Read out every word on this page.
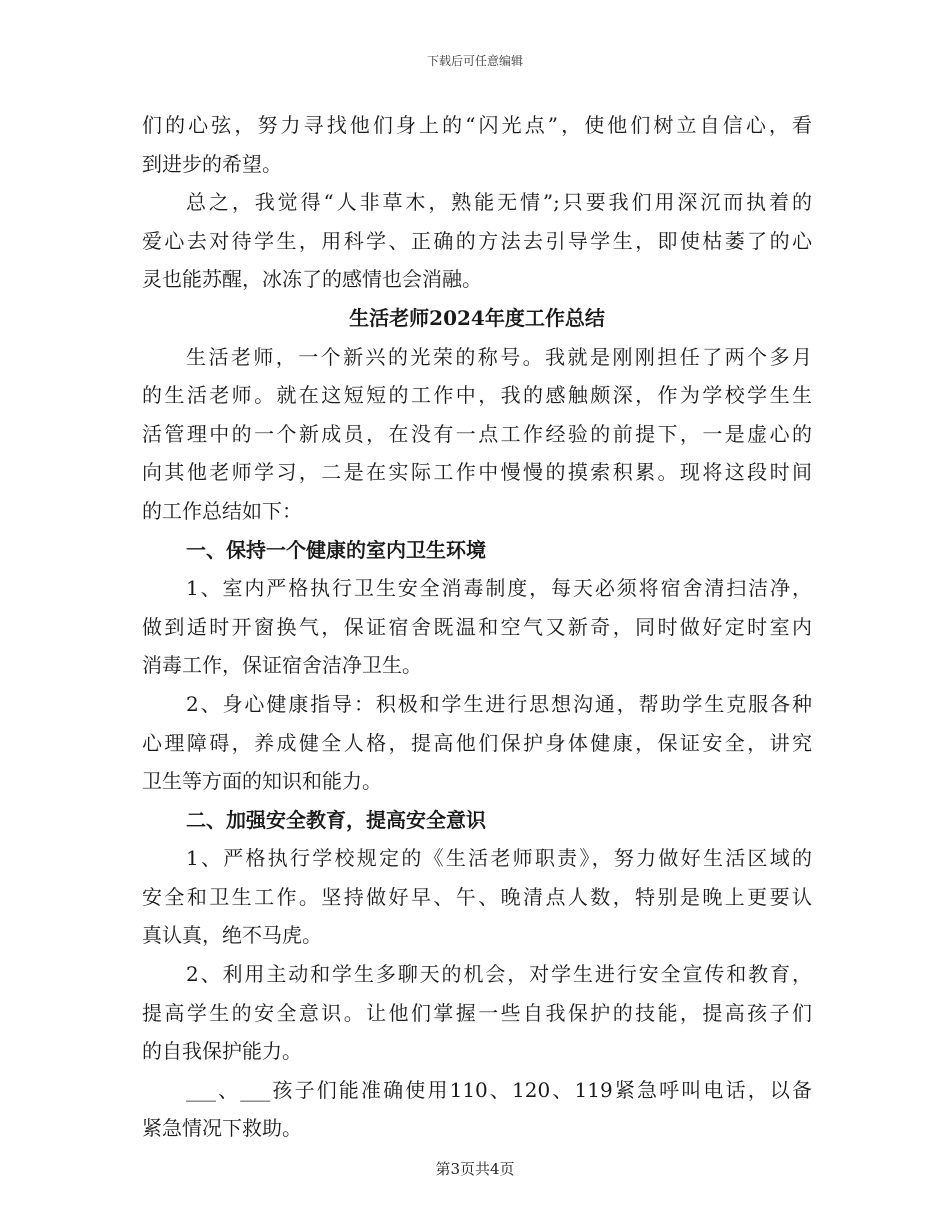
下载后可任意编辑
们的心弦，努力寻找他们身上的“闪光点”，使他们树立自信心，看
到进步的希望。
总之，我觉得“人非草木，熟能无情”;只要我们用深沉而执着的
爱心去对待学生，用科学、正确的方法去引导学生，即使枯萎了的心
灵也能苏醒，冰冻了的感情也会消融。
生活老师2024年度工作总结
生活老师，一个新兴的光荣的称号。我就是刚刚担任了两个多月
的生活老师。就在这短短的工作中，我的感触颇深，作为学校学生生
活管理中的一个新成员，在没有一点工作经验的前提下，一是虚心的
向其他老师学习，二是在实际工作中慢慢的摸索积累。现将这段时间
的工作总结如下：
一、保持一个健康的室内卫生环境
1、室内严格执行卫生安全消毒制度，每天必须将宿舍清扫洁净，
做到适时开窗换气，保证宿舍既温和空气又新奇，同时做好定时室内
消毒工作，保证宿舍洁净卫生。
2、身心健康指导：积极和学生进行思想沟通，帮助学生克服各种
心理障碍，养成健全人格，提高他们保护身体健康，保证安全，讲究
卫生等方面的知识和能力。
二、加强安全教育，提高安全意识
1、严格执行学校规定的《生活老师职责》，努力做好生活区域的
安全和卫生工作。坚持做好早、午、晚清点人数，特别是晚上更要认
真认真，绝不马虎。
2、利用主动和学生多聊天的机会，对学生进行安全宣传和教育，
提高学生的安全意识。让他们掌握一些自我保护的技能，提高孩子们
的自我保护能力。
___、___孩子们能准确使用110、120、119紧急呼叫电话，以备
紧急情况下救助。
第3页共4页
